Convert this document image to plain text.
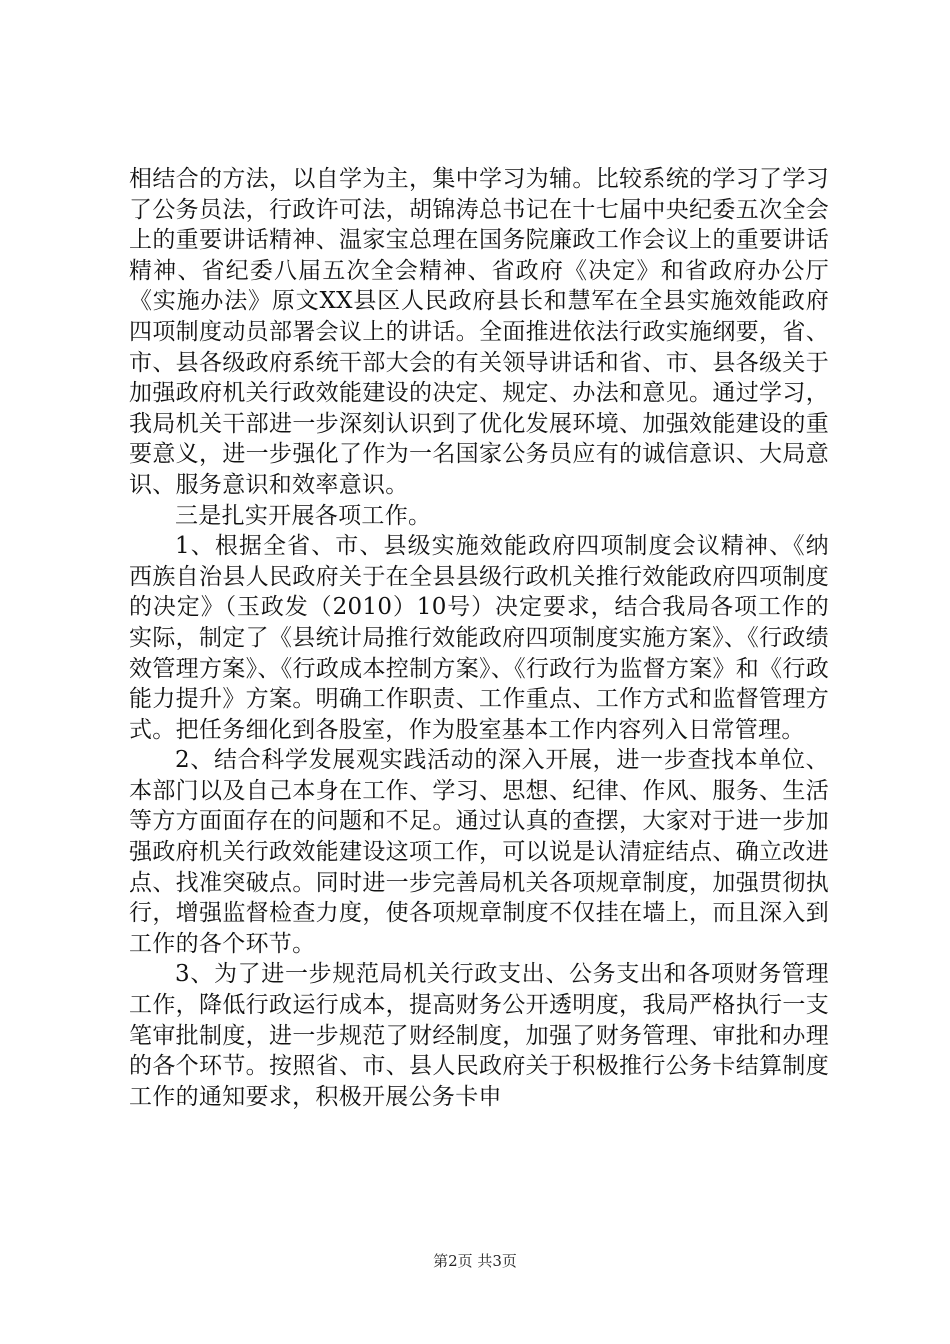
相结合的方法，以自学为主，集中学习为辅。比较系统的学习了学习了公务员法，行政许可法，胡锦涛总书记在十七届中央纪委五次全会上的重要讲话精神、温家宝总理在国务院廉政工作会议上的重要讲话精神、省纪委八届五次全会精神、省政府《决定》和省政府办公厅《实施办法》原文XX县区人民政府县长和慧军在全县实施效能政府四项制度动员部署会议上的讲话。全面推进依法行政实施纲要，省、市、县各级政府系统干部大会的有关领导讲话和省、市、县各级关于加强政府机关行政效能建设的决定、规定、办法和意见。通过学习，我局机关干部进一步深刻认识到了优化发展环境、加强效能建设的重要意义，进一步强化了作为一名国家公务员应有的诚信意识、大局意识、服务意识和效率意识。

三是扎实开展各项工作。

1、根据全省、市、县级实施效能政府四项制度会议精神、《纳西族自治县人民政府关于在全县县级行政机关推行效能政府四项制度的决定》（玉政发（2010）10号）决定要求，结合我局各项工作的实际，制定了《县统计局推行效能政府四项制度实施方案》、《行政绩效管理方案》、《行政成本控制方案》、《行政行为监督方案》和《行政能力提升》方案。明确工作职责、工作重点、工作方式和监督管理方式。把任务细化到各股室，作为股室基本工作内容列入日常管理。

2、结合科学发展观实践活动的深入开展，进一步查找本单位、本部门以及自己本身在工作、学习、思想、纪律、作风、服务、生活等方方面面存在的问题和不足。通过认真的查摆，大家对于进一步加强政府机关行政效能建设这项工作，可以说是认清症结点、确立改进点、找准突破点。同时进一步完善局机关各项规章制度，加强贯彻执行，增强监督检查力度，使各项规章制度不仅挂在墙上，而且深入到工作的各个环节。

3、为了进一步规范局机关行政支出、公务支出和各项财务管理工作，降低行政运行成本，提高财务公开透明度，我局严格执行一支笔审批制度，进一步规范了财经制度，加强了财务管理、审批和办理的各个环节。按照省、市、县人民政府关于积极推行公务卡结算制度工作的通知要求，积极开展公务卡申

第2页 共3页
